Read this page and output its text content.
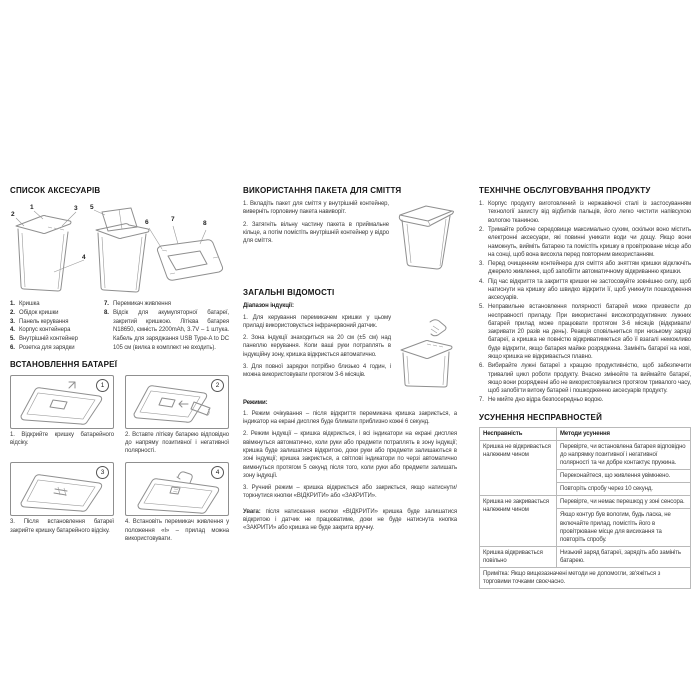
СПИСОК АКСЕСУАРІВ
1
2
3
4
5
6	7
8
1. Кришка
2. Обідок кришки
3. Панель керування
4. Корпус контейнера
5. Внутрішній контейнер
6. Розетка для зарядки
7. Перемикач живлення
8. Відсік для акумуляторної батареї, закритий кришкою. Літієва батарея N18650, ємність 2200mAh, 3.7V – 1 штука. Кабель для заряджання USB Type-A to DC 105 см (вилка в комплект не входить).
ВСТАНОВЛЕННЯ БАТАРЕЇ
1

1. Відкрийте кришку батарейного відсіку.

2

2. Вставте літієву батарею відповідно до напряму позитивної і негативної полярності.

3

3. Після встановлення батареї закрийте кришку батарейного відсіку.

4

4. Встановіть перемикач живлення у положення «І» – прилад можна використовувати.

ВИКОРИСТАННЯ ПАКЕТА ДЛЯ СМІТТЯ

1. Вкладіть пакет для сміття у внутрішній контейнер, виверніть горловину пакета навиворіт.

2. Затягніть вільну частину пакета в приймальне кільце, а потім помістіть внутрішній контейнер у відро для сміття.

ЗАГАЛЬНІ ВІДОМОСТІ

Діапазон індукції:

1. Для керування перемикачем кришки у цьому приладі використовується інфрачервоний датчик.

2. Зона індукції знаходиться на 20 см (±5 см) над панеллю керування. Коли ваші руки потраплять в індукційну зону, кришка відкриється автоматично.

3. Для повної зарядки потрібно близько 4 годин, і можна використовувати протягом 3-6 місяців.

Режими:

1. Режим очікування – після відкриття перемикача кришка закриється, а індикатор на екрані дисплея буде блимати приблизно кожні 6 секунд.

2. Режим індукції – кришка відкриється, і всі індикатори на екрані дисплея ввімкнуться автоматично, коли руки або предмети потраплять в зону індукції; кришка буде залишатися відкритою, доки руки або предмети залишаються в зоні індукції; кришка закриється, а світлові індикатори по черзі автоматично вимкнуться протягом 5 секунд після того, коли руки або предмети залишать зону індукції.

3. Ручний режим – кришка відкриється або закриється, якщо натиснути/торкнутися кнопки «ВІДКРИТИ» або «ЗАКРИТИ».

Увага: після натискання кнопки «ВІДКРИТИ» кришка буде залишатися відкритою і датчик не працюватиме, доки не буде натиснута кнопка «ЗАКРИТИ» або кришка не буде закрита вручну.

ТЕХНІЧНЕ ОБСЛУГОВУВАННЯ ПРОДУКТУ
1. Корпус продукту виготовлений із нержавіючої сталі із застосуванням технології захисту від відбитків пальців, його легко чистити напівсухою вологою тканиною.
2. Тримайте робоче середовище максимально сухим, оскільки воно містить електронні аксесуари, які повинні уникати води чи дощу. Якщо вони намокнуть, вийміть батарею та помістіть кришку в провітрюване місце або на сонці, щоб вона висохла перед повторним використанням.
3. Перед очищенням контейнера для сміття або зняттям кришки відключіть джерело живлення, щоб запобігти автоматичному відкриванню кришки.
4. Під час відкриття та закриття кришки не застосовуйте зовнішню силу, щоб натиснути на кришку або швидко відкрити її, щоб уникнути пошкодження аксесуарів.
5. Неправильне встановлення полярності батарей може призвести до несправності приладу. При використанні високопродуктивних лужних батарей прилад може працювати протягом 3-6 місяців (відкривати/закривати 20 разів на день). Реакція сповільниться при низькому заряді батареї, а кришка не повністю відкриватиметься або її взагалі неможливо буде відкрити, якщо батарея майже розряджена. Замініть батареї на нові, якщо кришка не відкривається плавно.
6. Вибирайте лужні батареї з кращою продуктивністю, щоб забезпечити тривалий цикл роботи продукту. Вчасно змінюйте та виймайте батареї, якщо вони розряджені або не використовувалися протягом тривалого часу, щоб запобігти витоку батарей і пошкодженню аксесуарів продукту.
7. Не мийте дно відра безпосередньо водою.
УСУНЕННЯ НЕСПРАВНОСТЕЙ
Несправність	Методи усунення
Кришка не відкривається належним чином	Перевірте, чи встановлена батарея відповідно до напрямку позитивної і негативної полярності та чи добре контактує пружина.
	Переконайтеся, що живлення увімкнено.
	Повторіть спробу через 10 секунд.
Кришка не закривається належним чином	Перевірте, чи немає перешкод у зоні сенсора.
	Якщо контур був вологим, будь ласка, не включайте прилад, помістіть його в провітрюване місце для висихання та повторіть спробу.
Кришка відкривається повільно	Низький заряд батареї, зарядіть або замініть батарею.
Примітка: Якщо вищезазначені методи не допомогли, зв'яжіться з торговими точками своєчасно.	
